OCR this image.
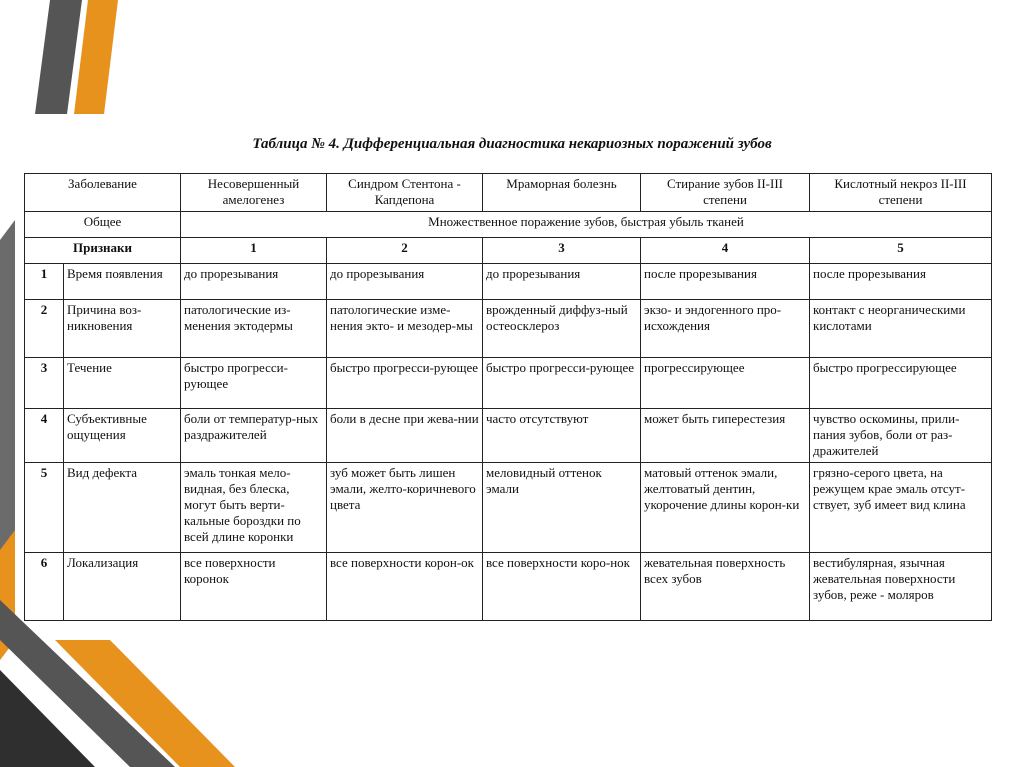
Таблица № 4. Дифференциальная диагностика некариозных поражений зубов
Заболевание		Несовершенный амелогенез	Синдром Стентона - Капдепона	Мраморная болезнь	Стирание зубов II-III степени	Кислотный некроз II-III степени
Общее		Множественное поражение зубов, быстрая убыль тканей				
Признаки		1	2	3	4	5
1	Время появления	до прорезывания	до прорезывания	до прорезывания	после прорезывания	после прорезывания
2	Причина воз-никновения	патологические из-менения эктодермы	патологические изме-нения экто- и мезодер-мы	врожденный диффуз-ный остеосклероз	экзо- и эндогенного про-исхождения	контакт с неорганическими кислотами
3	Течение	быстро прогресси-рующее	быстро прогресси-рующее	быстро прогресси-рующее	прогрессирующее	быстро прогрессирующее
4	Субъективные ощущения	боли от температур-ных раздражителей	боли в десне при жева-нии	часто отсутствуют	может быть гиперестезия	чувство оскомины, прили-пания зубов, боли от раз-дражителей
5	Вид дефекта	эмаль тонкая мело-видная, без блеска, могут быть верти-кальные бороздки по всей длине коронки	зуб может быть лишен эмали, желто-коричневого цвета	меловидный оттенок эмали	матовый оттенок эмали, желтоватый дентин, укорочение длины корон-ки	грязно-серого цвета, на режущем крае эмаль отсут-ствует, зуб имеет вид клина
6	Локализация	все поверхности коронок	все поверхности корон-ок	все поверхности коро-нок	жевательная поверхность всех зубов	вестибулярная, язычная жевательная поверхности зубов, реже - моляров
